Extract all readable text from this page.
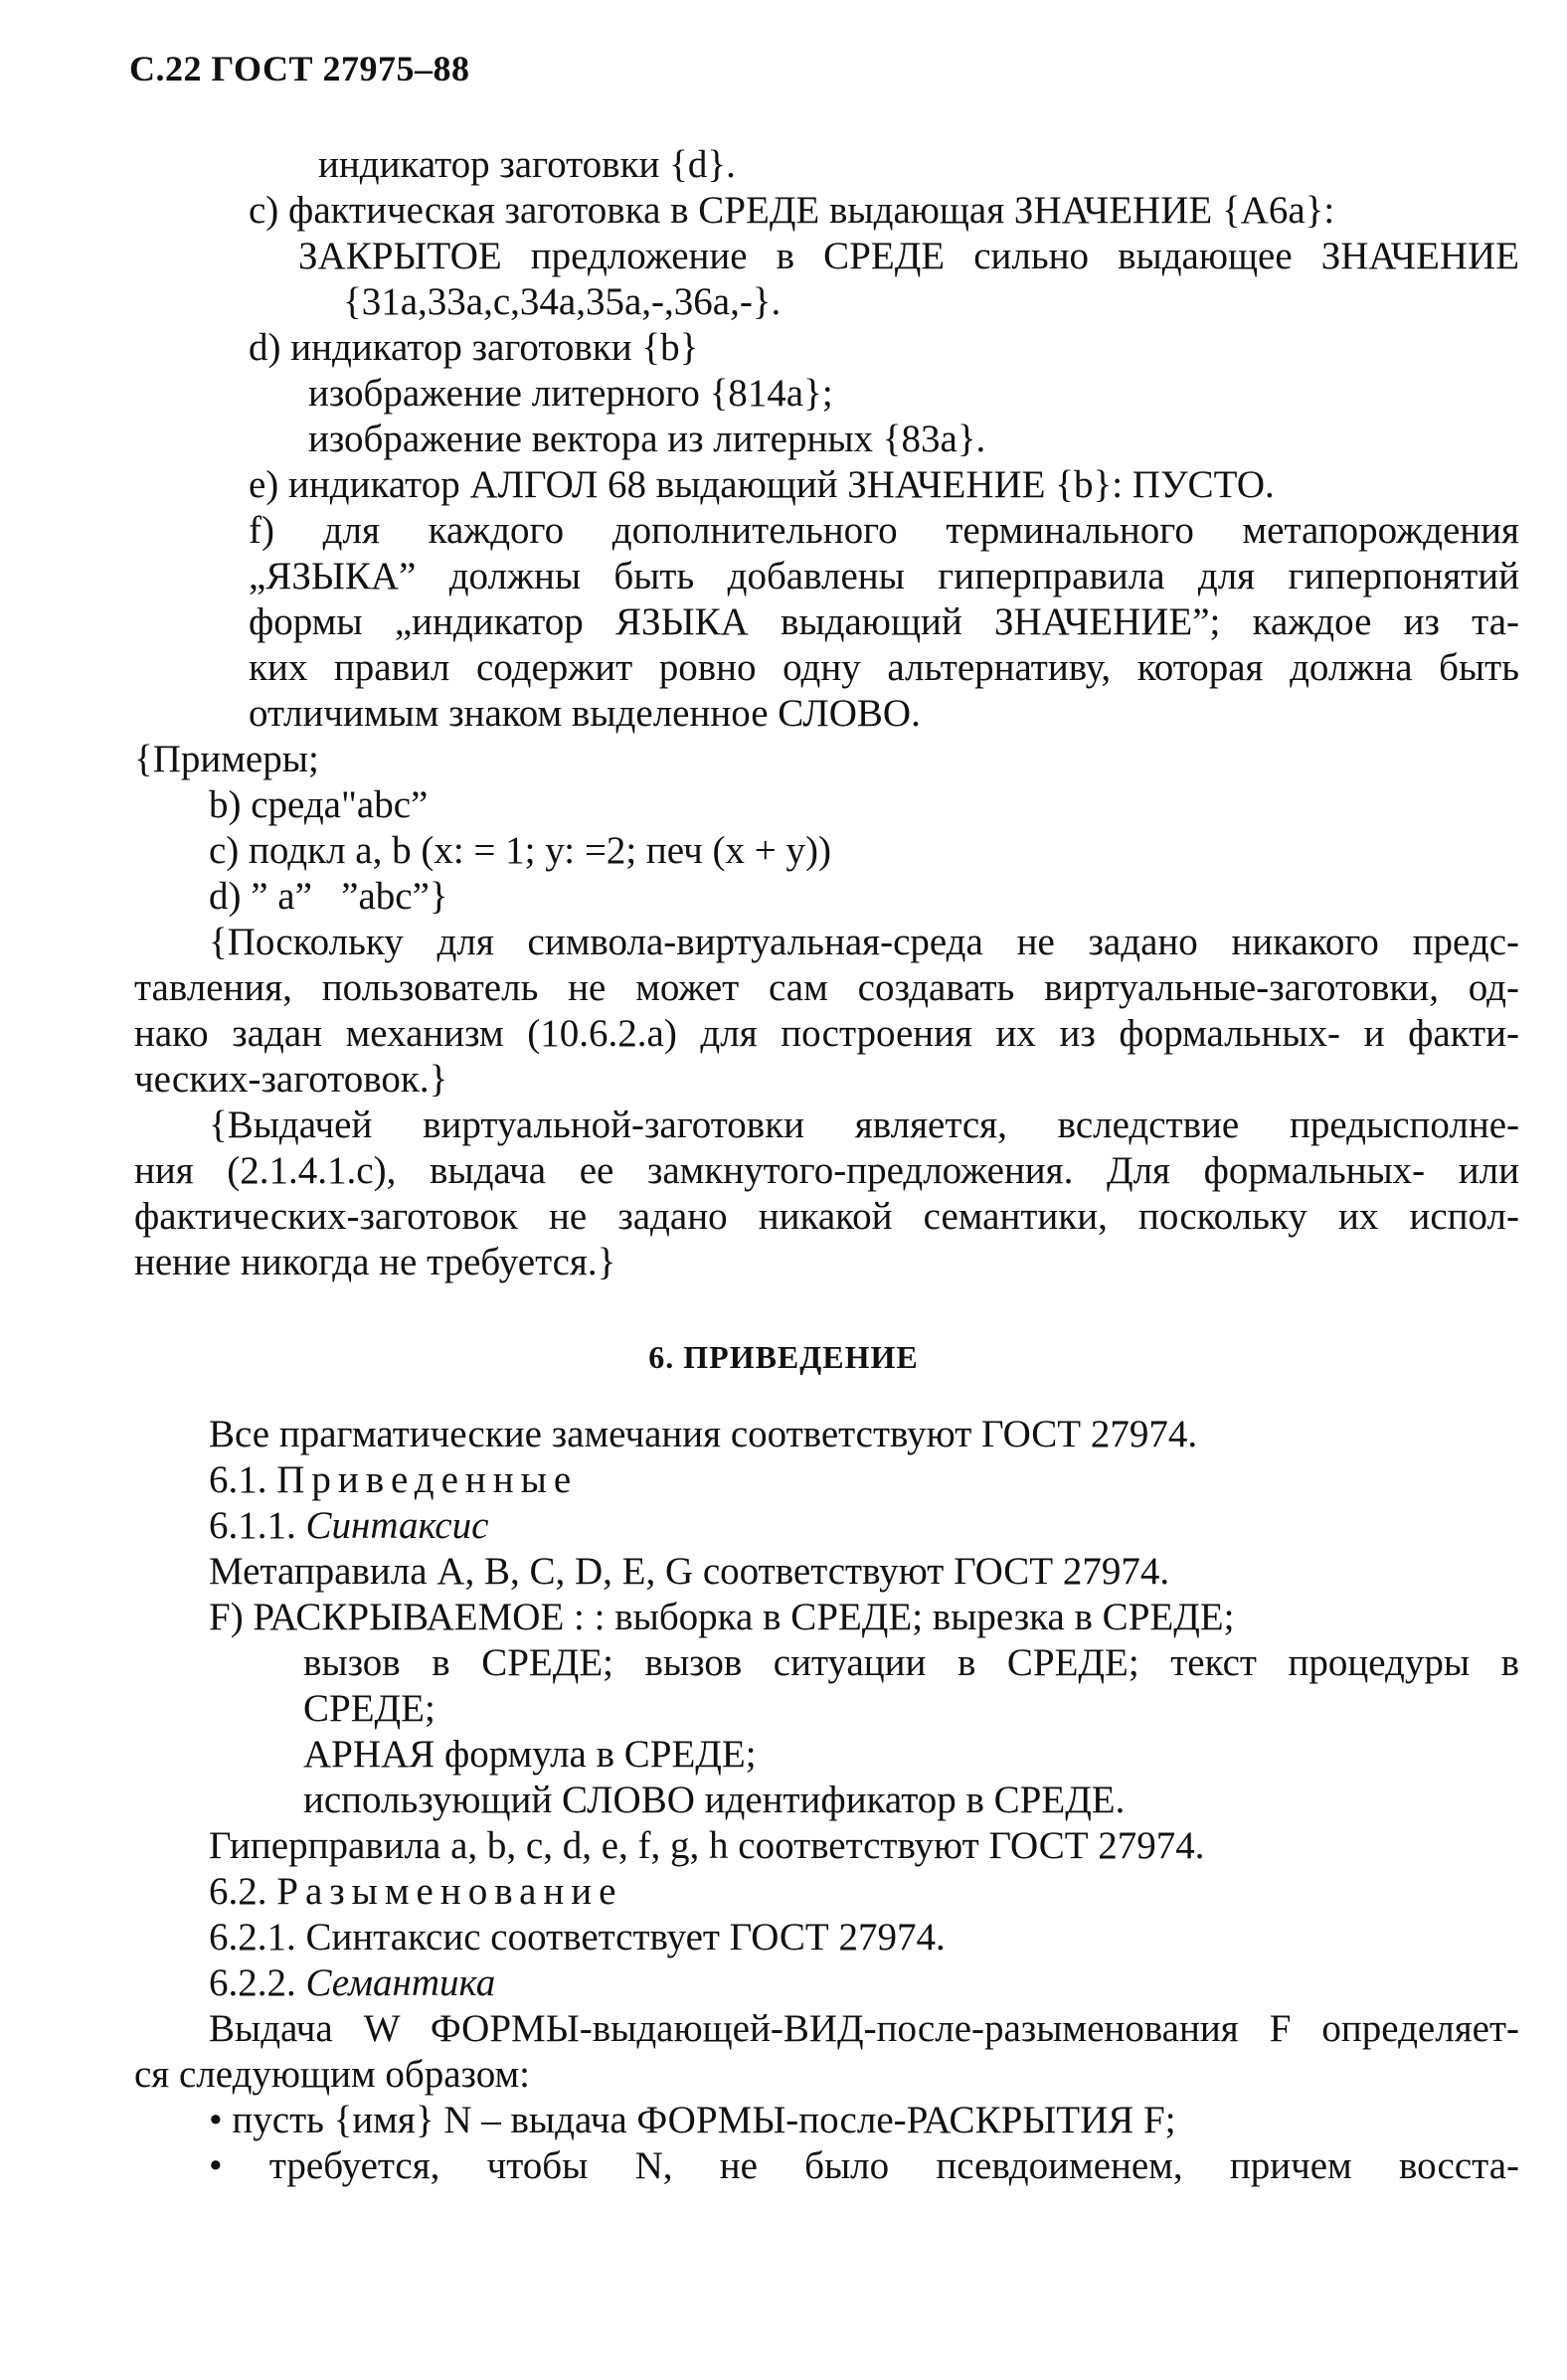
С.22 ГОСТ 27975–88
индикатор заготовки {d}.
c) фактическая заготовка в СРЕДЕ выдающая ЗНАЧЕНИЕ {А6а}:
ЗАКРЫТОЕ предложение в СРЕДЕ сильно выдающее ЗНАЧЕНИЕ
{31а,33а,с,34а,35а,-,36а,-}.
d) индикатор заготовки {b}
изображение литерного {814а};
изображение вектора из литерных {83а}.
e) индикатор АЛГОЛ 68 выдающий ЗНАЧЕНИЕ {b}: ПУСТО.
f) для каждого дополнительного терминального метапорождения
„ЯЗЫКА” должны быть добавлены гиперправила для гиперпонятий
формы „индикатор ЯЗЫКА выдающий ЗНАЧЕНИЕ”; каждое из та-
ких правил содержит ровно одну альтернативу, которая должна быть
отличимым знаком выделенное СЛОВО.
{Примеры;
b) среда"abc”
c) подкл а, b (x: = 1; у: =2; печ (x + у))
d) ” а”   ”abc”}
{Поскольку для символа-виртуальная-среда не задано никакого предс-
тавления, пользователь не может сам создавать виртуальные-заготовки, од-
нако задан механизм (10.6.2.a) для построения их из формальных- и факти-
ческих-заготовок.}
{Выдачей виртуальной-заготовки является, вследствие предысполне-
ния (2.1.4.1.c), выдача ее замкнутого-предложения. Для формальных- или
фактических-заготовок не задано никакой семантики, поскольку их испол-
нение никогда не требуется.}
6. ПРИВЕДЕНИЕ
Все прагматические замечания соответствуют ГОСТ 27974.
6.1. Приведенные
6.1.1. Синтаксис
Метаправила А, В, С, D, Е, G соответствуют ГОСТ 27974.
F) РАСКРЫВАЕМОЕ : : выборка в СРЕДЕ; вырезка в СРЕДЕ;
вызов в СРЕДЕ; вызов ситуации в СРЕДЕ; текст процедуры в
СРЕДЕ;
АРНАЯ формула в СРЕДЕ;
использующий СЛОВО идентификатор в СРЕДЕ.
Гиперправила a, b, c, d, e, f, g, h соответствуют ГОСТ 27974.
6.2. Разыменование
6.2.1. Синтаксис соответствует ГОСТ 27974.
6.2.2. Семантика
Выдача W ФОРМЫ-выдающей-ВИД-после-разыменования F определяет-
ся следующим образом:
• пусть {имя} N – выдача ФОРМЫ-после-РАСКРЫТИЯ F;
• требуется, чтобы N, не было псевдоименем, причем восста-
